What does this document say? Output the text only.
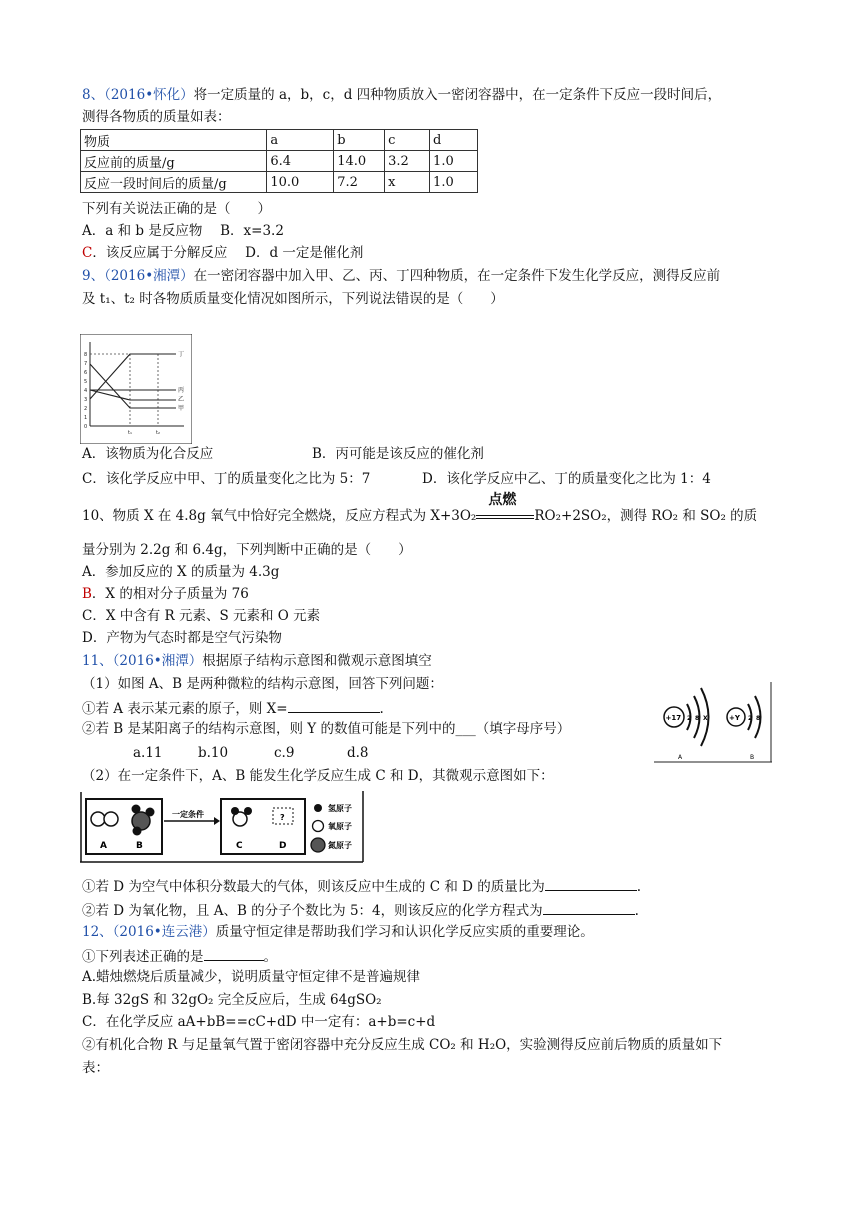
8、（2016•怀化）将一定质量的 a，b，c，d 四种物质放入一密闭容器中，在一定条件下反应一段时间后，
测得各物质的质量如表：
物质	a	b	c	d
反应前的质量/g	6.4	14.0	3.2	1.0
反应一段时间后的质量/g	10.0	7.2	x	1.0
下列有关说法正确的是（　　）
A．a 和 b 是反应物　 B．x=3.2
C．该反应属于分解反应　 D．d 一定是催化剂
9、（2016•湘潭）在一密闭容器中加入甲、乙、丙、丁四种物质，在一定条件下发生化学反应，测得反应前
及 t₁、t₂ 时各物质质量变化情况如图所示，下列说法错误的是（　　）
8
7
6
5
4
3
2
1
0
t₁	t₂
丁
丙
乙
甲
A．该物质为化合反应	B．丙可能是该反应的催化剂
C．该化学反应中甲、丁的质量变化之比为 5：7	D．该化学反应中乙、丁的质量变化之比为 1：4
10、物质 X 在 4.8g 氧气中恰好完全燃烧，反应方程式为 X+3O₂
点燃
RO₂+2SO₂，测得 RO₂ 和 SO₂ 的质
量分别为 2.2g 和 6.4g，下列判断中正确的是（　　）
A．参加反应的 X 的质量为 4.3g
B．X 的相对分子质量为 76
C．X 中含有 R 元素、S 元素和 O 元素
D．产物为气态时都是空气污染物
11、（2016•湘潭）根据原子结构示意图和微观示意图填空
（1）如图 A、B 是两种微粒的结构示意图，回答下列问题：
①若 A 表示某元素的原子，则 X=	.
②若 B 是某阳离子的结构示意图，则 Y 的数值可能是下列中的___（填字母序号）
a.11	b.10	c.9	d.8
+17 2 8 X
A
+Y 2 8
B
（2）在一定条件下，A、B 能发生化学反应生成 C 和 D，其微观示意图如下：
A	B
一定条件	?
C	D
氢原子
氧原子
氮原子
①若 D 为空气中体积分数最大的气体，则该反应中生成的 C 和 D 的质量比为	.
②若 D 为氧化物，且 A、B 的分子个数比为 5：4，则该反应的化学方程式为	.
12、（2016•连云港）质量守恒定律是帮助我们学习和认识化学反应实质的重要理论。
①下列表述正确的是	。
A.蜡烛燃烧后质量减少，说明质量守恒定律不是普遍规律
B.每 32gS 和 32gO₂ 完全反应后，生成 64gSO₂
C．在化学反应 aA+bB==cC+dD 中一定有：a+b=c+d
②有机化合物 R 与足量氧气置于密闭容器中充分反应生成 CO₂ 和 H₂O，实验测得反应前后物质的质量如下
表：
